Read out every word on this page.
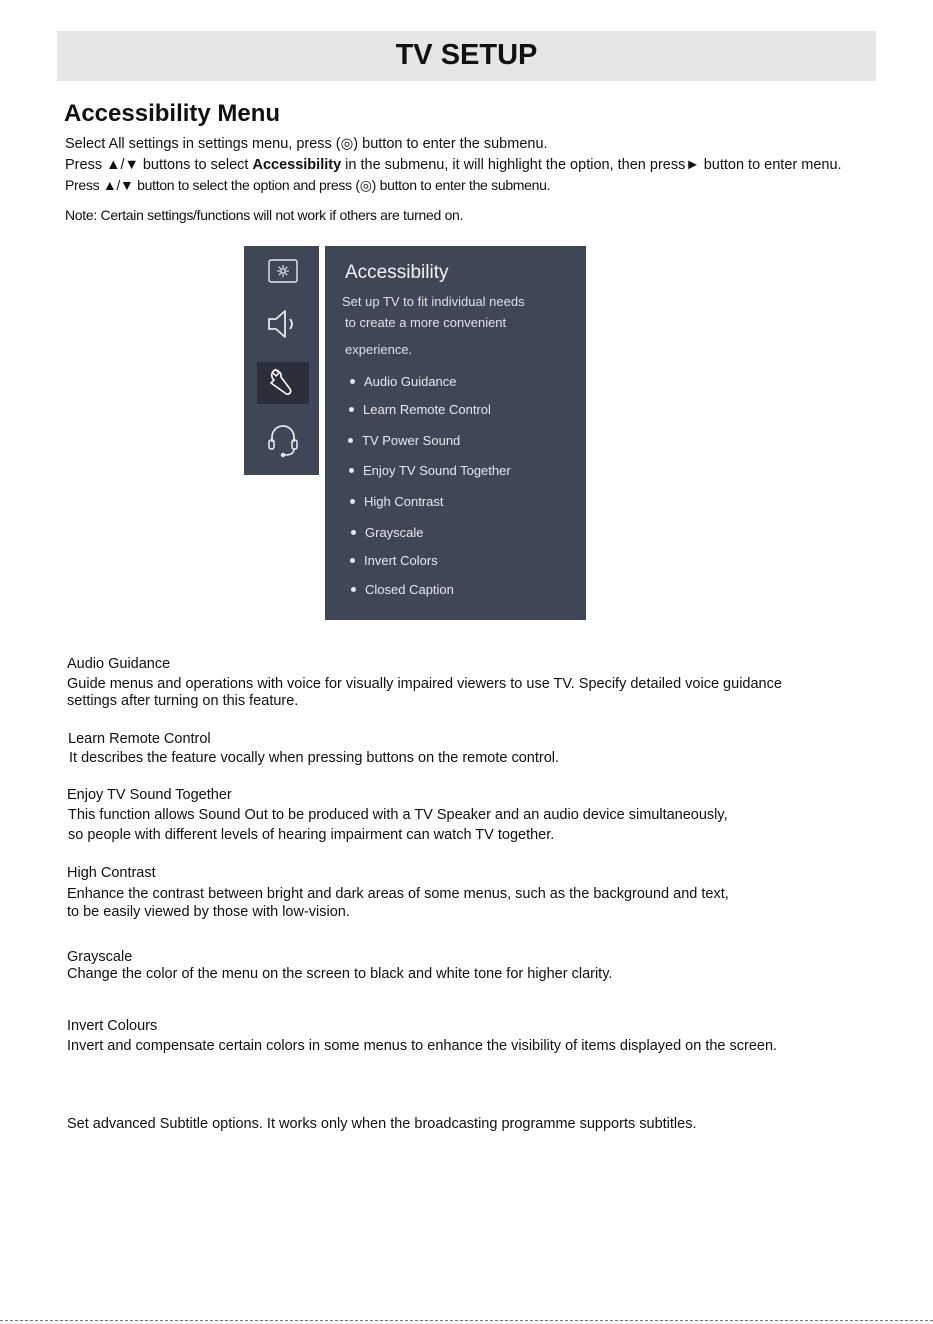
TV SETUP
Accessibility Menu
Select All settings in settings menu, press (◎) button to enter the submenu.
Press ▲/▼ buttons to select Accessibility in the submenu, it will highlight the option, then press► button to enter menu.
Press ▲/▼ button to select the option and press (◎) button to enter the submenu.
Note: Certain settings/functions will not work if others are turned on.
Accessibility
Set up TV to fit individual needs
to create a more convenient
experience.
Audio Guidance
Learn Remote Control
TV Power Sound
Enjoy TV Sound Together
High Contrast
Grayscale
Invert Colors
Closed Caption
Audio Guidance
Guide menus and operations with voice for visually impaired viewers to use TV. Specify detailed voice guidance
settings after turning on this feature.
Learn Remote Control
It describes the feature vocally when pressing buttons on the remote control.
Enjoy TV Sound Together
This function allows Sound Out to be produced with a TV Speaker and an audio device simultaneously,
so people with different levels of hearing impairment can watch TV together.
High Contrast
Enhance the contrast between bright and dark areas of some menus, such as the background and text,
to be easily viewed by those with low-vision.
Grayscale
Change the color of the menu on the screen to black and white tone for higher clarity.
Invert Colours
Invert and compensate certain colors in some menus to enhance the visibility of items displayed on the screen.
Set advanced Subtitle options. It works only when the broadcasting programme supports subtitles.
